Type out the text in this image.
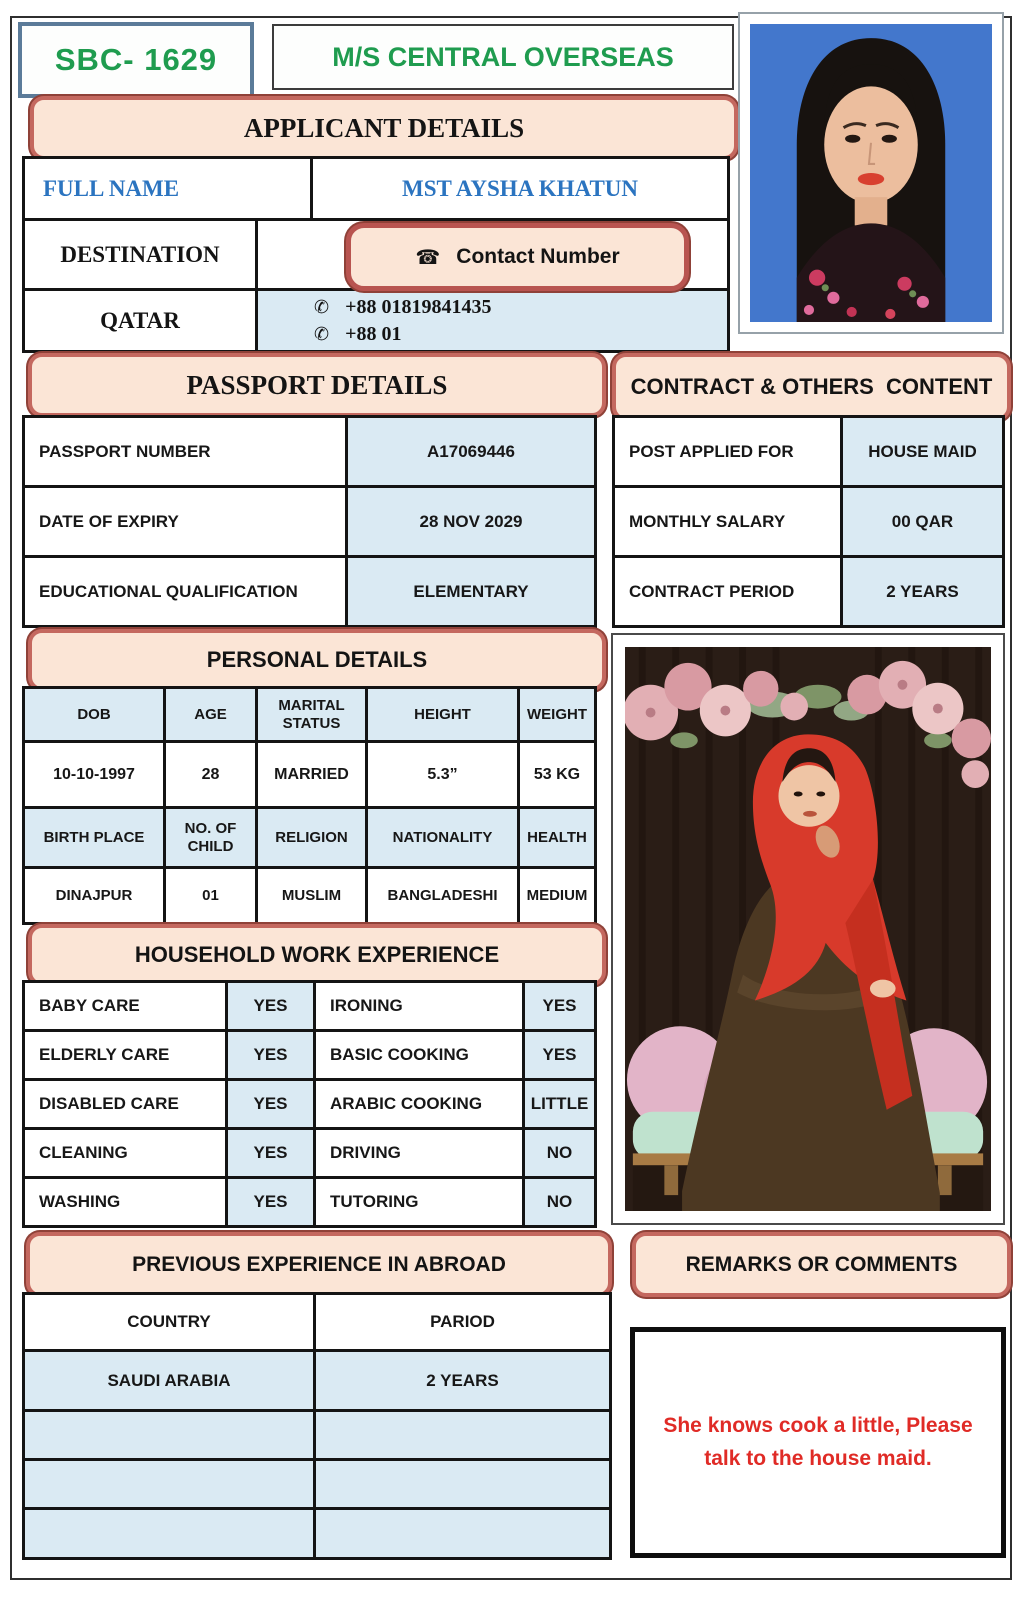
SBC- 1629	M/S CENTRAL OVERSEAS
APPLICANT DETAILS
FULL NAME	MST AYSHA KHATUN
DESTINATION	
QATAR	✆ +88 01819841435
✆ +88 01
☎ Contact Number
PASSPORT DETAILS	CONTRACT & OTHERS  CONTENT
PASSPORT NUMBER	A17069446
DATE OF EXPIRY	28 NOV 2029
EDUCATIONAL QUALIFICATION	ELEMENTARY
POST APPLIED FOR	HOUSE MAID
MONTHLY SALARY	00 QAR
CONTRACT PERIOD	2 YEARS
PERSONAL DETAILS
DOB	AGE	MARITAL STATUS	HEIGHT	WEIGHT
10-10-1997	28	MARRIED	5.3”	53 KG
BIRTH PLACE	NO. OF CHILD	RELIGION	NATIONALITY	HEALTH
DINAJPUR	01	MUSLIM	BANGLADESHI	MEDIUM
HOUSEHOLD WORK EXPERIENCE
BABY CARE	YES	IRONING	YES
ELDERLY CARE	YES	BASIC COOKING	YES
DISABLED CARE	YES	ARABIC COOKING	LITTLE
CLEANING	YES	DRIVING	NO
WASHING	YES	TUTORING	NO
PREVIOUS EXPERIENCE IN ABROAD	REMARKS OR COMMENTS
COUNTRY	PARIOD
SAUDI ARABIA	2 YEARS

She knows cook a little, Please talk to the house maid.
